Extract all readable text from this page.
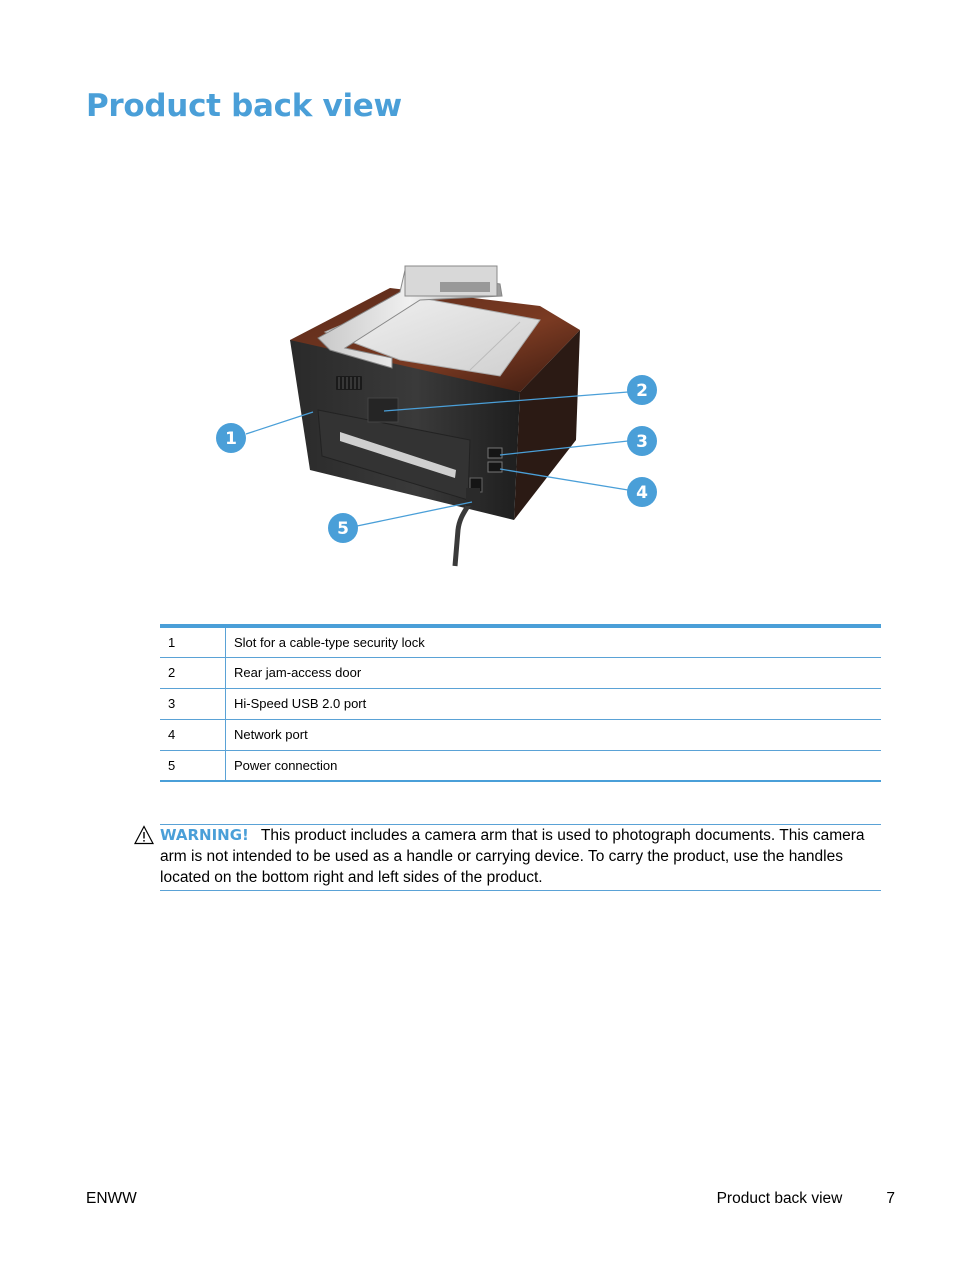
Product back view
1
2
3
4
5
1	Slot for a cable-type security lock
2	Rear jam-access door
3	Hi-Speed USB 2.0 port
4	Network port
5	Power connection
WARNING! This product includes a camera arm that is used to photograph documents. This camera arm is not intended to be used as a handle or carrying device. To carry the product, use the handles located on the bottom right and left sides of the product.
ENWW	Product back view	7
